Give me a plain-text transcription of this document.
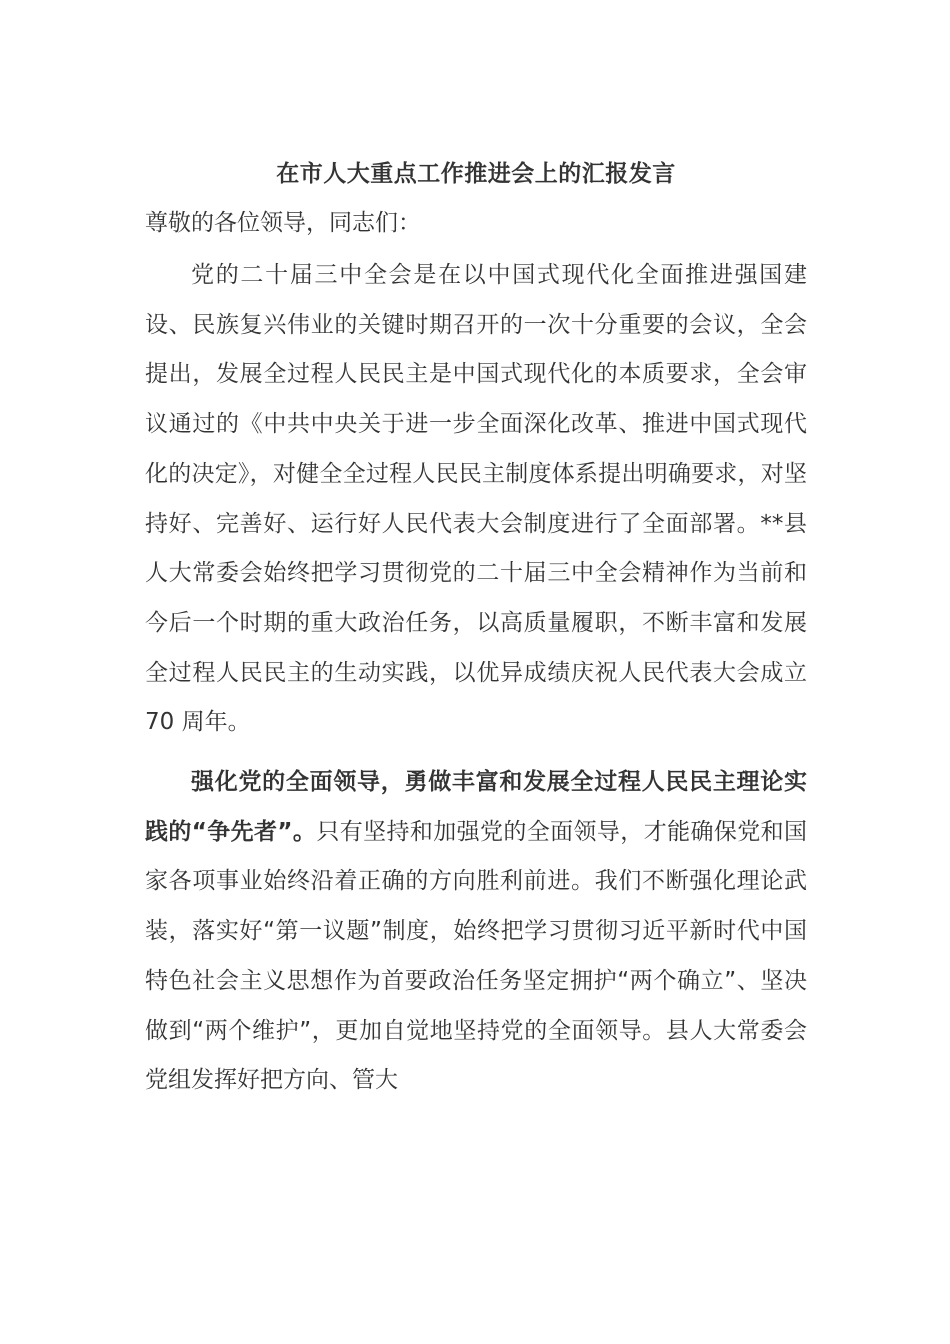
在市人大重点工作推进会上的汇报发言

尊敬的各位领导，同志们：

党的二十届三中全会是在以中国式现代化全面推进强国建设、民族复兴伟业的关键时期召开的一次十分重要的会议，全会提出，发展全过程人民民主是中国式现代化的本质要求，全会审议通过的《中共中央关于进一步全面深化改革、推进中国式现代化的决定》，对健全全过程人民民主制度体系提出明确要求，对坚持好、完善好、运行好人民代表大会制度进行了全面部署。**县人大常委会始终把学习贯彻党的二十届三中全会精神作为当前和今后一个时期的重大政治任务，以高质量履职，不断丰富和发展全过程人民民主的生动实践，以优异成绩庆祝人民代表大会成立 70 周年。

强化党的全面领导，勇做丰富和发展全过程人民民主理论实践的“争先者”。只有坚持和加强党的全面领导，才能确保党和国家各项事业始终沿着正确的方向胜利前进。我们不断强化理论武装，落实好“第一议题”制度，始终把学习贯彻习近平新时代中国特色社会主义思想作为首要政治任务坚定拥护“两个确立”、坚决做到“两个维护”，更加自觉地坚持党的全面领导。县人大常委会党组发挥好把方向、管大
